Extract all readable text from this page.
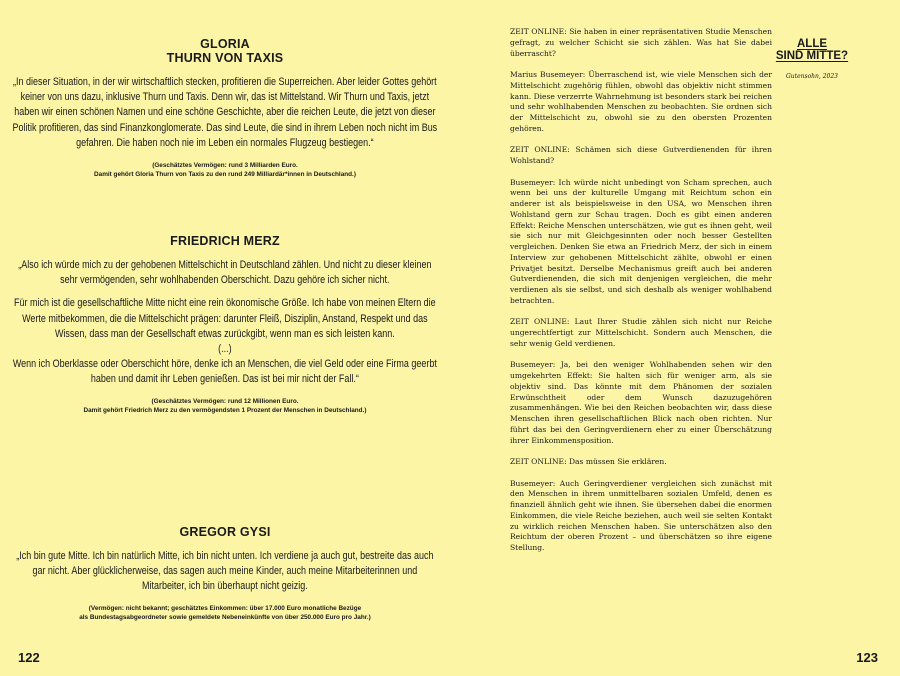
GLORIA
THURN VON TAXIS

„In dieser Situation, in der wir wirtschaftlich stecken, profitieren die Superreichen. Aber leider Gottes gehört keiner von uns dazu, inklusive Thurn und Taxis. Denn wir, das ist Mittelstand. Wir Thurn und Taxis, jetzt haben wir einen schönen Namen und eine schöne Geschichte, aber die reichen Leute, die jetzt von dieser Politik profitieren, das sind Finanzkonglomerate. Das sind Leute, die sind in ihrem Leben noch nicht im Bus gefahren. Die haben noch nie im Leben ein normales Flugzeug bestiegen.“

(Geschätztes Vermögen: rund 3 Milliarden Euro.
Damit gehört Gloria Thurn von Taxis zu den rund 249 Milliardär*innen in Deutschland.)
FRIEDRICH MERZ

„Also ich würde mich zu der gehobenen Mittelschicht in Deutschland zählen. Und nicht zu dieser kleinen sehr vermögenden, sehr wohlhabenden Oberschicht. Dazu gehöre ich sicher nicht.

Für mich ist die gesellschaftliche Mitte nicht eine rein ökonomische Größe. Ich habe von meinen Eltern die Werte mitbekommen, die die Mittelschicht prägen: darunter Fleiß, Disziplin, Anstand, Respekt und das Wissen, dass man der Gesellschaft etwas zurückgibt, wenn man es sich leisten kann.
(...)
Wenn ich Oberklasse oder Oberschicht höre, denke ich an Menschen, die viel Geld oder eine Firma geerbt haben und damit ihr Leben genießen. Das ist bei mir nicht der Fall.“

(Geschätztes Vermögen: rund 12 Millionen Euro.
Damit gehört Friedrich Merz zu den vermögendsten 1 Prozent der Menschen in Deutschland.)
GREGOR GYSI

„Ich bin gute Mitte. Ich bin natürlich Mitte, ich bin nicht unten. Ich verdiene ja auch gut, bestreite das auch gar nicht. Aber glücklicherweise, das sagen auch meine Kinder, auch meine Mitarbeiterinnen und Mitarbeiter, ich bin überhaupt nicht geizig.

(Vermögen: nicht bekannt; geschätztes Einkommen: über 17.000 Euro monatliche Bezüge
als Bundestagsabgeordneter sowie gemeldete Nebeneinkünfte von über 250.000 Euro pro Jahr.)
122

ZEIT ONLINE: Sie haben in einer repräsentativen Studie Menschen gefragt, zu welcher Schicht sie sich zählen. Was hat Sie dabei überrascht?

Marius Busemeyer: Überraschend ist, wie viele Menschen sich der Mittelschicht zugehörig fühlen, obwohl das objektiv nicht stimmen kann. Diese verzerrte Wahrnehmung ist besonders stark bei reichen und sehr wohlhabenden Menschen zu beobachten. Sie ordnen sich der Mittelschicht zu, obwohl sie zu den obersten Prozenten gehören.

ZEIT ONLINE: Schämen sich diese Gutverdienenden für ihren Wohlstand?

Busemeyer: Ich würde nicht unbedingt von Scham sprechen, auch wenn bei uns der kulturelle Umgang mit Reichtum schon ein anderer ist als beispielsweise in den USA, wo Menschen ihren Wohlstand gern zur Schau tragen. Doch es gibt einen anderen Effekt: Reiche Menschen unterschätzen, wie gut es ihnen geht, weil sie sich nur mit Gleichgesinnten oder noch besser Gestellten vergleichen. Denken Sie etwa an Friedrich Merz, der sich in einem Interview zur gehobenen Mittelschicht zählte, obwohl er einen Privatjet besitzt. Derselbe Mechanismus greift auch bei anderen Gutverdienenden, die sich mit denjenigen vergleichen, die mehr verdienen als sie selbst, und sich deshalb als weniger wohlhabend betrachten.

ZEIT ONLINE: Laut Ihrer Studie zählen sich nicht nur Reiche ungerechtfertigt zur Mittelschicht. Sondern auch Menschen, die sehr wenig Geld verdienen.

Busemeyer: Ja, bei den weniger Wohlhabenden sehen wir den umgekehrten Effekt: Sie halten sich für weniger arm, als sie objektiv sind. Das könnte mit dem Phänomen der sozialen Erwünschtheit oder dem Wunsch dazuzugehören zusammenhängen. Wie bei den Reichen beobachten wir, dass diese Menschen ihren gesellschaftlichen Blick nach oben richten. Nur führt das bei den Geringverdienern eher zu einer Überschätzung ihrer Einkommensposition.

ZEIT ONLINE: Das müssen Sie erklären.

Busemeyer: Auch Geringverdiener vergleichen sich zunächst mit den Menschen in ihrem unmittelbaren sozialen Umfeld, denen es finanziell ähnlich geht wie ihnen. Sie übersehen dabei die enormen Einkommen, die viele Reiche beziehen, auch weil sie selten Kontakt zu wirklich reichen Menschen haben. Sie unterschätzen also den Reichtum der oberen Prozent – und überschätzen so ihre eigene Stellung.

ALLE
SIND MITTE?
Gutensohn, 2023
123
